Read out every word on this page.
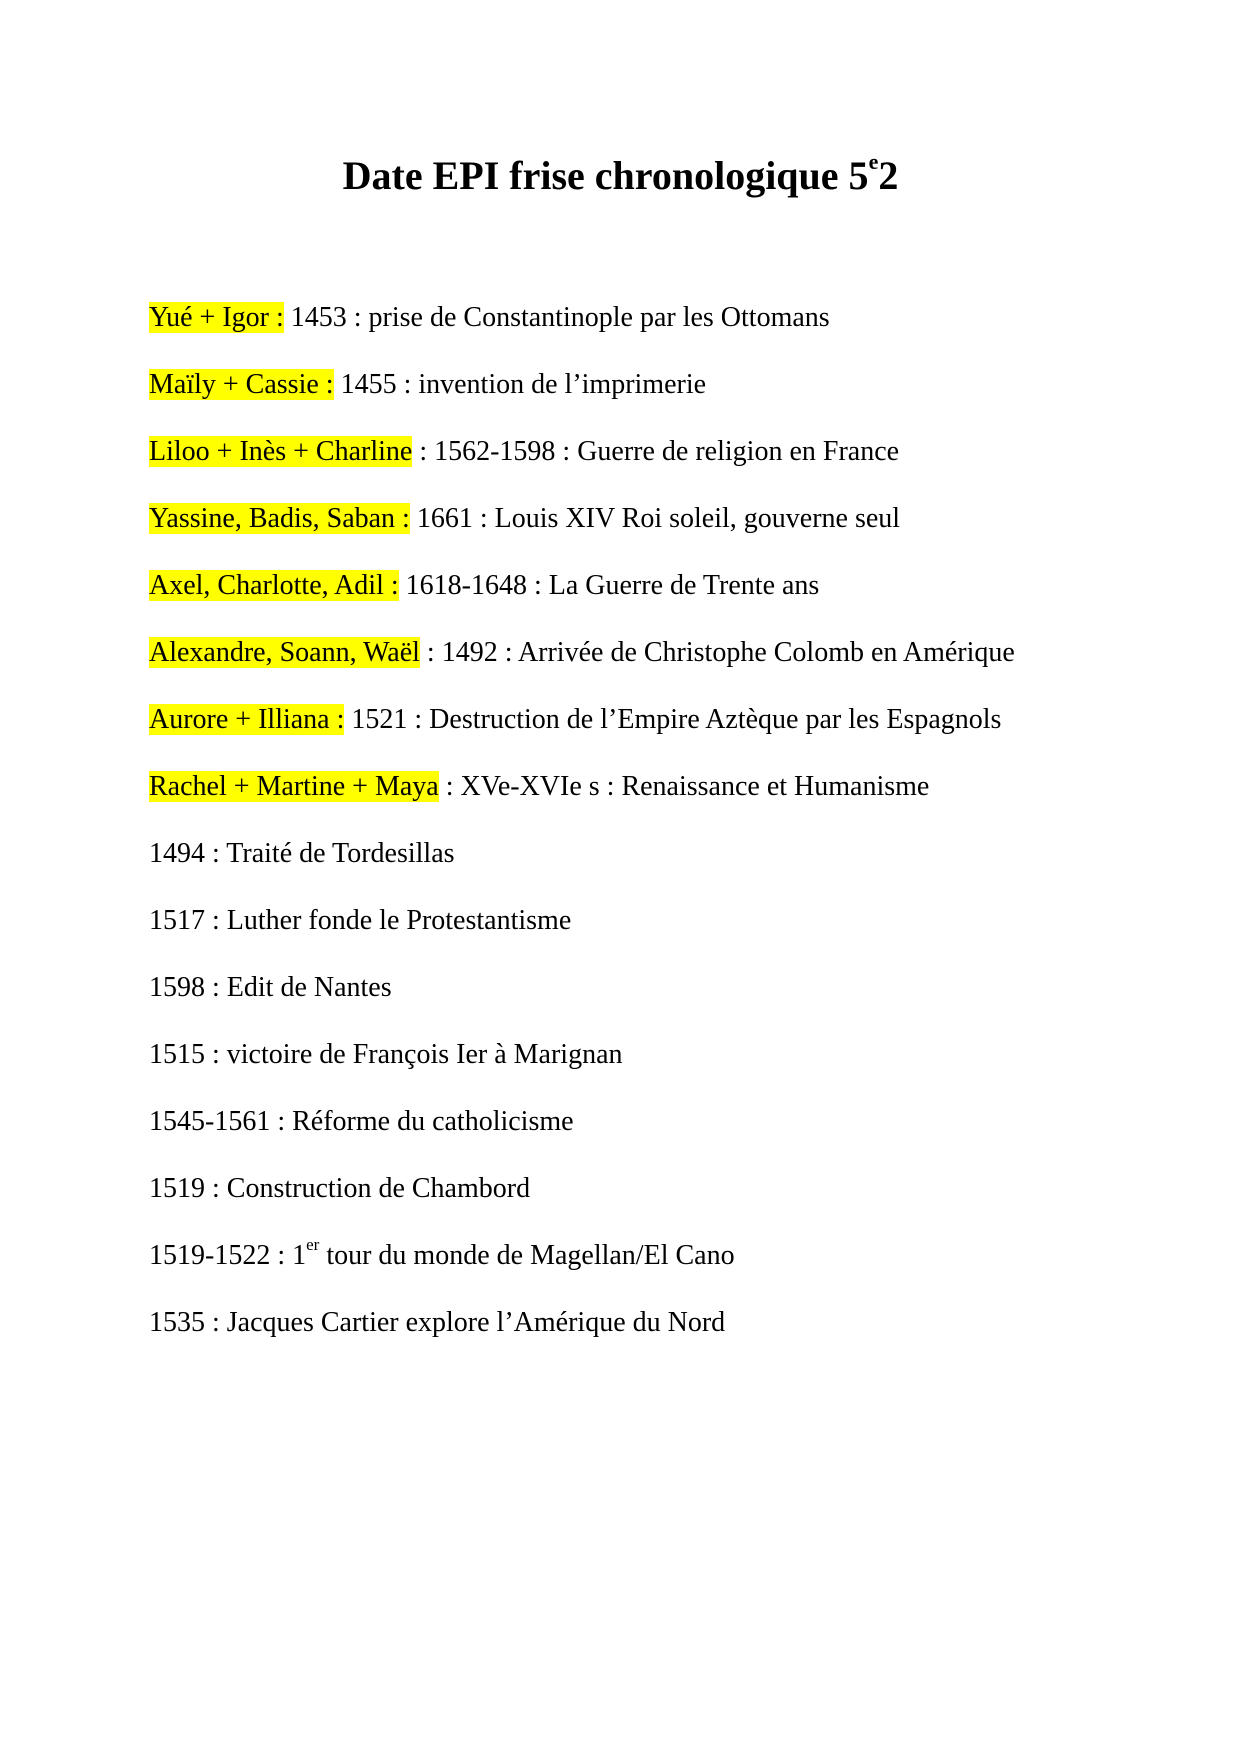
Date EPI frise chronologique 5e2
Yué + Igor : 1453 : prise de Constantinople par les Ottomans
Maïly + Cassie : 1455 : invention de l’imprimerie
Liloo + Inès + Charline : 1562-1598 : Guerre de religion en France
Yassine, Badis, Saban : 1661 : Louis XIV Roi soleil, gouverne seul
Axel, Charlotte, Adil : 1618-1648 : La Guerre de Trente ans
Alexandre, Soann, Waël : 1492 : Arrivée de Christophe Colomb en Amérique
Aurore + Illiana : 1521 : Destruction de l’Empire Aztèque par les Espagnols
Rachel + Martine + Maya : XVe-XVIe s : Renaissance et Humanisme
1494 : Traité de Tordesillas
1517 : Luther fonde le Protestantisme
1598 : Edit de Nantes
1515 : victoire de François Ier à Marignan
1545-1561 : Réforme du catholicisme
1519 : Construction de Chambord
1519-1522 : 1er tour du monde de Magellan/El Cano
1535 : Jacques Cartier explore l’Amérique du Nord
